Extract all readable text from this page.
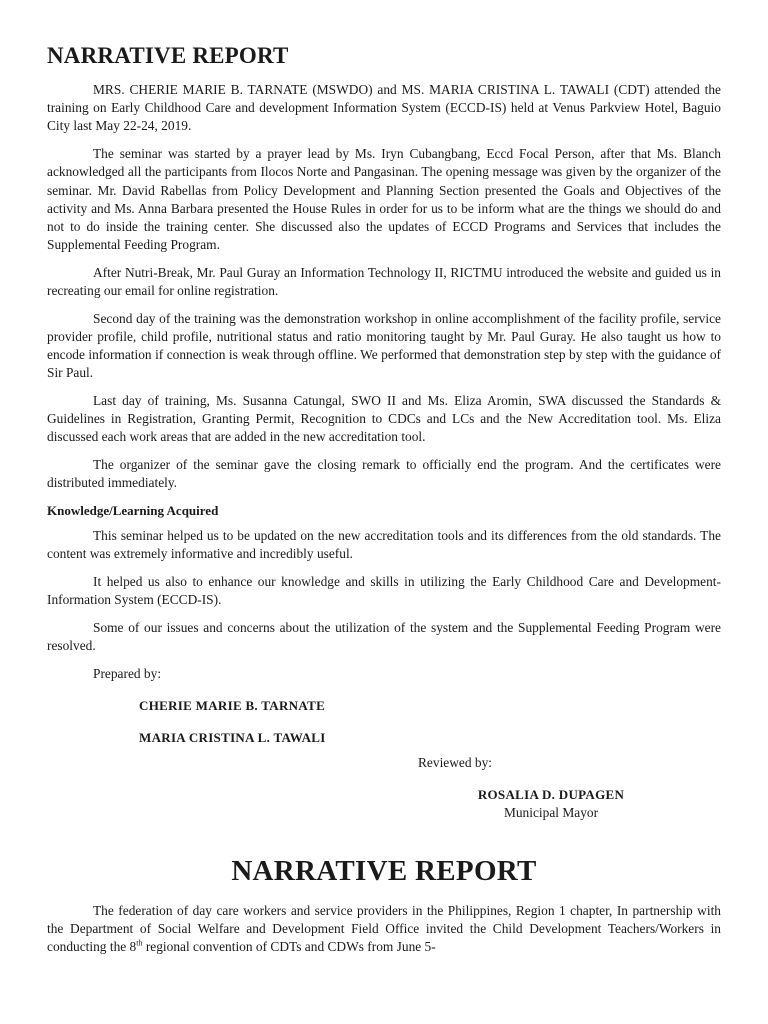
NARRATIVE REPORT

MRS. CHERIE MARIE B. TARNATE (MSWDO) and MS. MARIA CRISTINA L. TAWALI (CDT) attended the training on Early Childhood Care and development Information System (ECCD-IS) held at Venus Parkview Hotel, Baguio City last May 22-24, 2019.

The seminar was started by a prayer lead by Ms. Iryn Cubangbang, Eccd Focal Person, after that Ms. Blanch acknowledged all the participants from Ilocos Norte and Pangasinan. The opening message was given by the organizer of the seminar. Mr. David Rabellas from Policy Development and Planning Section presented the Goals and Objectives of the activity and Ms. Anna Barbara presented the House Rules in order for us to be inform what are the things we should do and not to do inside the training center. She discussed also the updates of ECCD Programs and Services that includes the Supplemental Feeding Program.

After Nutri-Break, Mr. Paul Guray an Information Technology II, RICTMU introduced the website and guided us in recreating our email for online registration.

Second day of the training was the demonstration workshop in online accomplishment of the facility profile, service provider profile, child profile, nutritional status and ratio monitoring taught by Mr. Paul Guray. He also taught us how to encode information if connection is weak through offline. We performed that demonstration step by step with the guidance of Sir Paul.

Last day of training, Ms. Susanna Catungal, SWO II and Ms. Eliza Aromin, SWA discussed the Standards & Guidelines in Registration, Granting Permit, Recognition to CDCs and LCs and the New Accreditation tool. Ms. Eliza discussed each work areas that are added in the new accreditation tool.

The organizer of the seminar gave the closing remark to officially end the program. And the certificates were distributed immediately.

Knowledge/Learning Acquired

This seminar helped us to be updated on the new accreditation tools and its differences from the old standards. The content was extremely informative and incredibly useful.

It helped us also to enhance our knowledge and skills in utilizing the Early Childhood Care and Development-Information System (ECCD-IS).

Some of our issues and concerns about the utilization of the system and the Supplemental Feeding Program were resolved.

Prepared by:
CHERIE MARIE B. TARNATE
MARIA CRISTINA L. TAWALI
Reviewed by:
ROSALIA D. DUPAGEN
Municipal Mayor
NARRATIVE REPORT

The federation of day care workers and service providers in the Philippines, Region 1 chapter, In partnership with the Department of Social Welfare and Development Field Office invited the Child Development Teachers/Workers in conducting the 8th regional convention of CDTs and CDWs from June 5-
